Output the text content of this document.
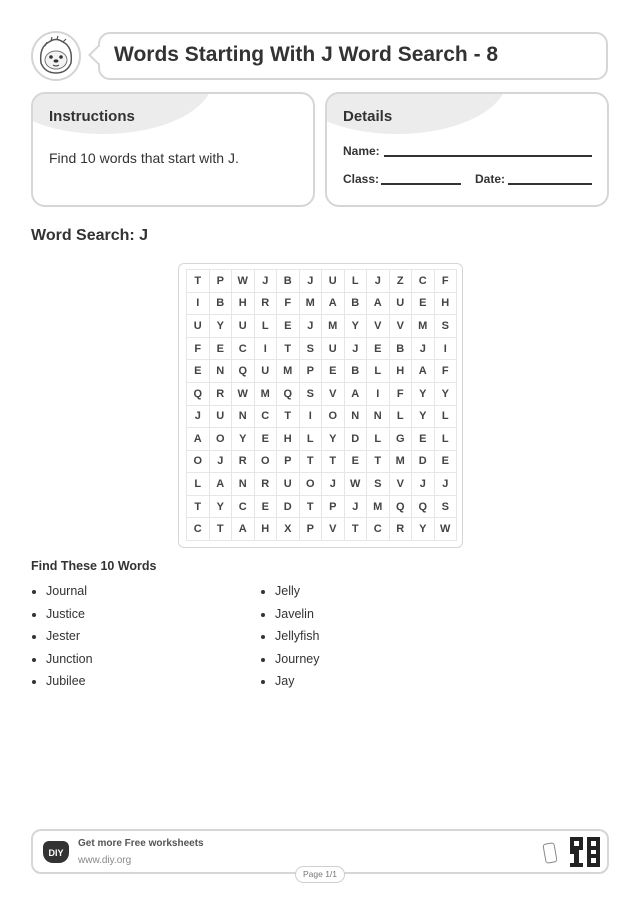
Words Starting With J Word Search - 8
Instructions
Find 10 words that start with J.
Details
Name:
Class:	Date:
Word Search: J
T	P	W	J	B	J	U	L	J	Z	C	F
I	B	H	R	F	M	A	B	A	U	E	H
U	Y	U	L	E	J	M	Y	V	V	M	S
F	E	C	I	T	S	U	J	E	B	J	I
E	N	Q	U	M	P	E	B	L	H	A	F
Q	R	W	M	Q	S	V	A	I	F	Y	Y
J	U	N	C	T	I	O	N	N	L	Y	L
A	O	Y	E	H	L	Y	D	L	G	E	L
O	J	R	O	P	T	T	E	T	M	D	E
L	A	N	R	U	O	J	W	S	V	J	J
T	Y	C	E	D	T	P	J	M	Q	Q	S
C	T	A	H	X	P	V	T	C	R	Y	W
Find These 10 Words
• Journal
• Justice
• Jester
• Junction
• Jubilee
• Jelly
• Javelin
• Jellyfish
• Journey
• Jay
DIY
Get more Free worksheets
www.diy.org
Page 1/1
